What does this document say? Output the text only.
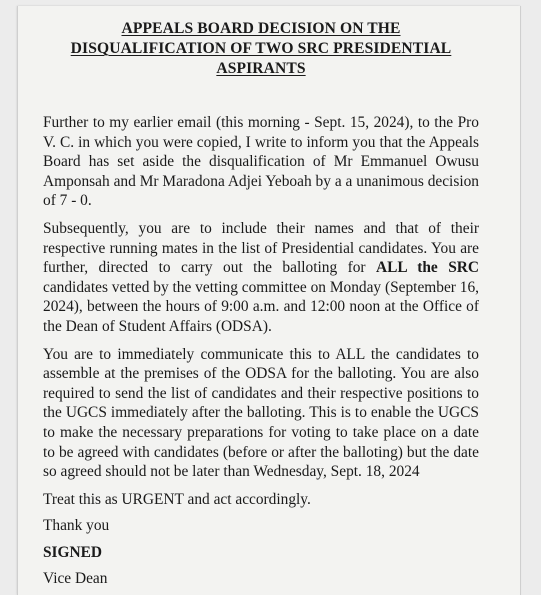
APPEALS BOARD DECISION ON THE
DISQUALIFICATION OF TWO SRC PRESIDENTIAL
ASPIRANTS

Further to my earlier email (this morning - Sept. 15, 2024), to the Pro V. C. in which you were copied, I write to inform you that the Appeals Board has set aside the disqualification of Mr Emmanuel Owusu Amponsah and Mr Maradona Adjei Yeboah by a a unanimous decision of 7 - 0.

Subsequently, you are to include their names and that of their respective running mates in the list of Presidential candidates. You are further, directed to carry out the balloting for ALL the SRC candidates vetted by the vetting committee on Monday (September 16, 2024), between the hours of 9:00 a.m. and 12:00 noon at the Office of the Dean of Student Affairs (ODSA).

You are to immediately communicate this to ALL the candidates to assemble at the premises of the ODSA for the balloting. You are also required to send the list of candidates and their respective positions to the UGCS immediately after the balloting. This is to enable the UGCS to make the necessary preparations for voting to take place on a date to be agreed with candidates (before or after the balloting) but the date so agreed should not be later than Wednesday, Sept. 18, 2024

Treat this as URGENT and act accordingly.

Thank you

SIGNED

Vice Dean
